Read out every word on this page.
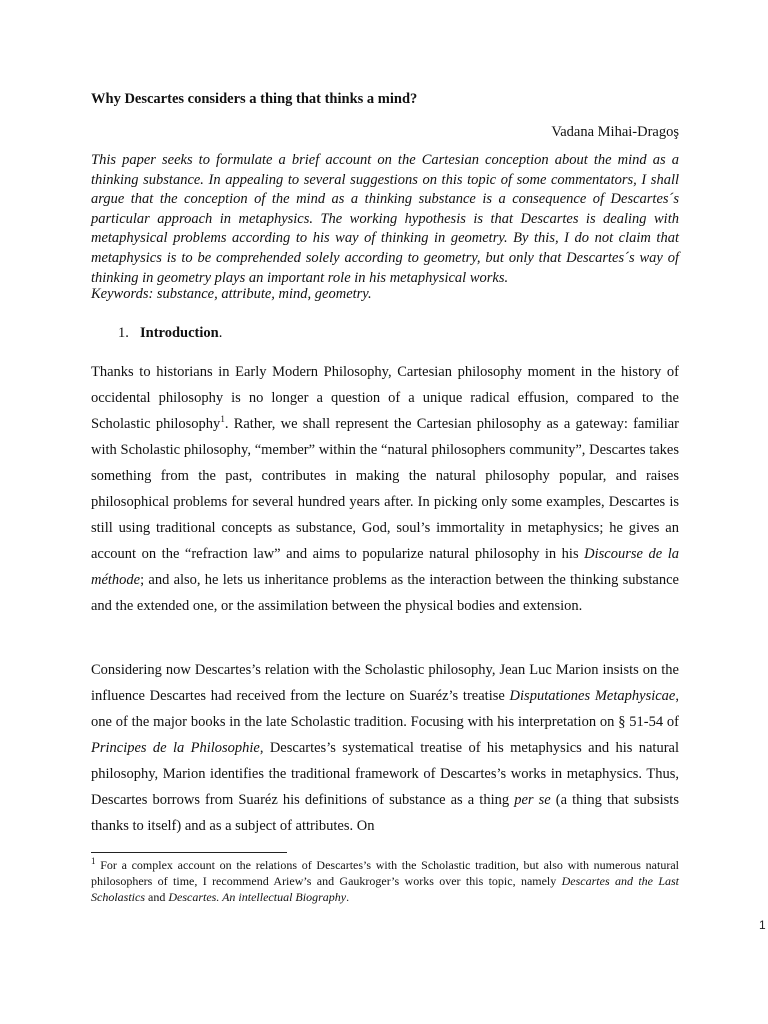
Why Descartes considers a thing that thinks a mind?
Vadana Mihai-Dragoş

This paper seeks to formulate a brief account on the Cartesian conception about the mind as a thinking substance. In appealing to several suggestions on this topic of some commentators, I shall argue that the conception of the mind as a thinking substance is a consequence of Descartes´s particular approach in metaphysics. The working hypothesis is that Descartes is dealing with metaphysical problems according to his way of thinking in geometry. By this, I do not claim that metaphysics is to be comprehended solely according to geometry, but only that Descartes´s way of thinking in geometry plays an important role in his metaphysical works.

Keywords: substance, attribute, mind, geometry.

1. Introduction.

Thanks to historians in Early Modern Philosophy, Cartesian philosophy moment in the history of occidental philosophy is no longer a question of a unique radical effusion, compared to the Scholastic philosophy$^1$. Rather, we shall represent the Cartesian philosophy as a gateway: familiar with Scholastic philosophy, “member” within the “natural philosophers community”, Descartes takes something from the past, contributes in making the natural philosophy popular, and raises philosophical problems for several hundred years after. In picking only some examples, Descartes is still using traditional concepts as substance, God, soul’s immortality in metaphysics; he gives an account on the “refraction law” and aims to popularize natural philosophy in his Discourse de la méthode; and also, he lets us inheritance problems as the interaction between the thinking substance and the extended one, or the assimilation between the physical bodies and extension.

Considering now Descartes’s relation with the Scholastic philosophy, Jean Luc Marion insists on the influence Descartes had received from the lecture on Suaréz’s treatise Disputationes Metaphysicae, one of the major books in the late Scholastic tradition. Focusing with his interpretation on § 51-54 of Principes de la Philosophie, Descartes’s systematical treatise of his metaphysics and his natural philosophy, Marion identifies the traditional framework of Descartes’s works in metaphysics. Thus, Descartes borrows from Suaréz his definitions of substance as a thing per se (a thing that subsists thanks to itself) and as a subject of attributes. On

$^1$ For a complex account on the relations of Descartes’s with the Scholastic tradition, but also with numerous natural philosophers of time, I recommend Ariew’s and Gaukroger’s works over this topic, namely Descartes and the Last Scholastics and Descartes. An intellectual Biography.

1
